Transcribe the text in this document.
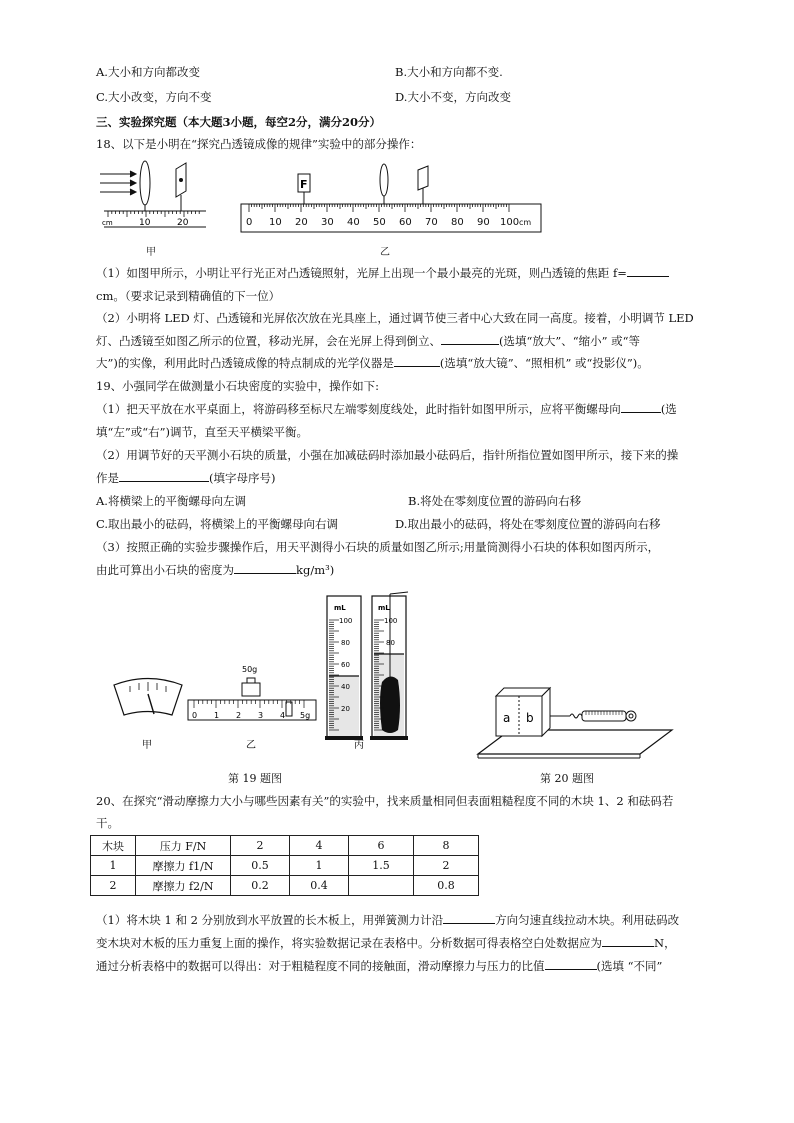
A.大小和方向都改变	B.大小和方向都不变.
C.大小改变，方向不变	D.大小不变，方向改变
三、实验探究题（本大题3小题，每空2分，满分20分）
18、以下是小明在“探究凸透镜成像的规律”实验中的部分操作：
cm	10	20
甲
0 10 20 30 40 50 60 70 80 90 100 cm
F
乙
（1）如图甲所示，小明让平行光正对凸透镜照射，光屏上出现一个最小最亮的光斑，则凸透镜的焦距 f=
cm。（要求记录到精确值的下一位）
（2）小明将 LED 灯、凸透镜和光屏依次放在光具座上，通过调节使三者中心大致在同一高度。接着，小明调节 LED
灯、凸透镜至如图乙所示的位置，移动光屏，会在光屏上得到倒立、	(选填“放大”、“缩小” 或“等
大”)的实像，利用此时凸透镜成像的特点制成的光学仪器是	(选填“放大镜”、“照相机” 或“投影仪”)。
19、小强同学在做测量小石块密度的实验中，操作如下:
（1）把天平放在水平桌面上，将游码移至标尺左端零刻度线处，此时指针如图甲所示，应将平衡螺母向	(选
填“左”或“右”)调节，直至天平横梁平衡。
（2）用调节好的天平测小石块的质量，小强在加减砝码时添加最小砝码后，指针所指位置如图甲所示，接下来的操
作是	(填字母序号)
A.将横梁上的平衡螺母向左调	B.将处在零刻度位置的游码向右移
C.取出最小的砝码，将横梁上的平衡螺母向右调	D.取出最小的砝码，将处在零刻度位置的游码向右移
（3）按照正确的实验步骤操作后，用天平测得小石块的质量如图乙所示;用量筒测得小石块的体积如图丙所示，
由此可算出小石块的密度为	kg/m³)
甲
50g
0 1 2 3 4 5g
乙
mL
100
80
60
40
20
mL
100
80
丙
第 19 题图
a b
第 20 题图
20、在探究“滑动摩擦力大小与哪些因素有关”的实验中，找来质量相同但表面粗糙程度不同的木块 1、2 和砝码若
干。
木块	压力 F/N	2	4	6	8
1	摩擦力 f1/N	0.5	1	1.5	2
2	摩擦力 f2/N	0.2	0.4		0.8
（1）将木块 1 和 2 分别放到水平放置的长木板上，用弹簧测力计沿	方向匀速直线拉动木块。利用砝码改
变木块对木板的压力重复上面的操作，将实验数据记录在表格中。分析数据可得表格空白处数据应为	N，
通过分析表格中的数据可以得出：对于粗糙程度不同的接触面，滑动摩擦力与压力的比值	(选填 “不同”
